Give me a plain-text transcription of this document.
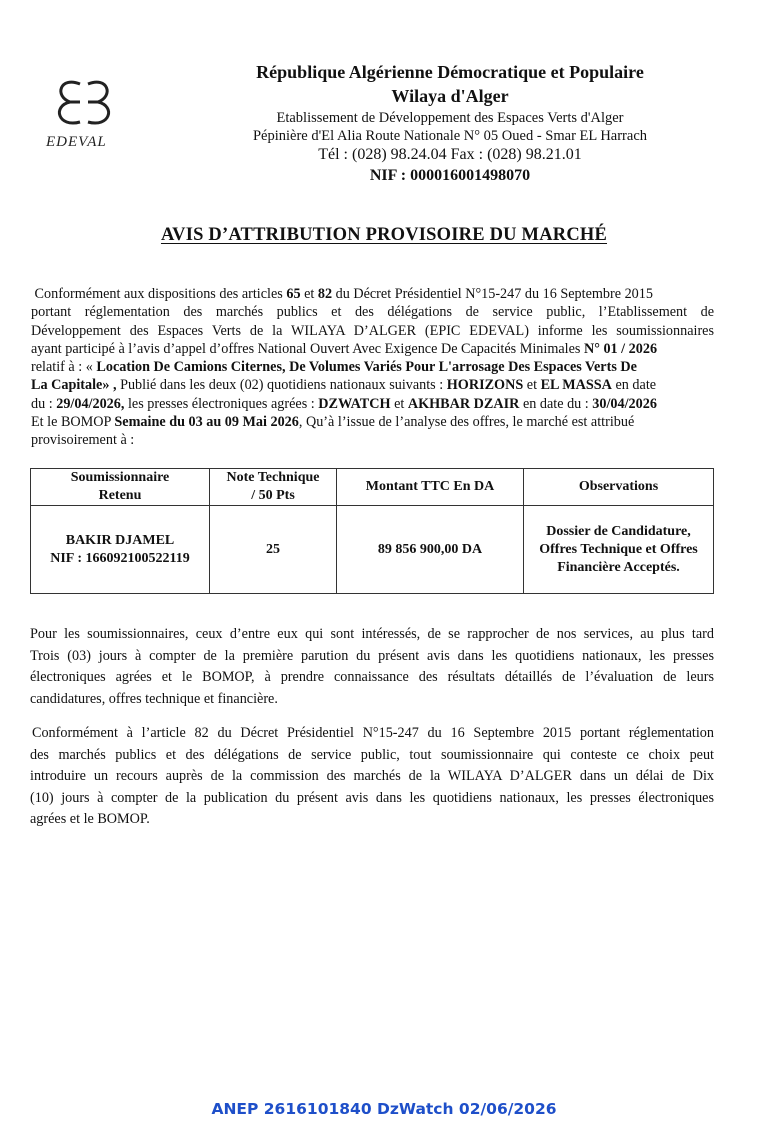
EDEVAL
République Algérienne Démocratique et Populaire
Wilaya d'Alger
Etablissement de Développement des Espaces Verts d'Alger
Pépinière d'El Alia Route Nationale N° 05 Oued - Smar EL Harrach
Tél : (028) 98.24.04 Fax : (028) 98.21.01
NIF : 000016001498070
AVIS D’ATTRIBUTION PROVISOIRE DU MARCHÉ
Conformément aux dispositions des articles 65 et 82 du Décret Présidentiel N°15-247 du 16 Septembre 2015
portant réglementation des marchés publics et des délégations de service public, l’Etablissement de
Développement des Espaces Verts de la WILAYA D’ALGER (EPIC EDEVAL) informe les soumissionnaires
ayant participé à l’avis d’appel d’offres National Ouvert Avec Exigence De Capacités Minimales N° 01 / 2026
relatif à : « Location De Camions Citernes, De Volumes Variés Pour L'arrosage Des Espaces Verts De
La Capitale» , Publié dans les deux (02) quotidiens nationaux suivants : HORIZONS et EL MASSA en date
du : 29/04/2026, les presses électroniques agrées : DZWATCH et AKHBAR DZAIR en date du : 30/04/2026
Et le BOMOP Semaine du 03 au 09 Mai 2026, Qu’à l’issue de l’analyse des offres, le marché est attribué
provisoirement à :
Soumissionnaire
Retenu	Note Technique
/ 50 Pts	Montant TTC En DA	Observations
BAKIR DJAMEL
NIF : 166092100522119	25	89 856 900,00 DA	Dossier de Candidature,
Offres Technique et Offres
Financière Acceptés.
Pour les soumissionnaires, ceux d’entre eux qui sont intéressés, de se rapprocher de nos services, au plus tard
Trois (03) jours à compter de la première parution du présent avis dans les quotidiens nationaux, les presses
électroniques agrées et le BOMOP, à prendre connaissance des résultats détaillés de l’évaluation de leurs
candidatures, offres technique et financière.
Conformément à l’article 82 du Décret Présidentiel N°15-247 du 16 Septembre 2015 portant réglementation
des marchés publics et des délégations de service public, tout soumissionnaire qui conteste ce choix peut
introduire un recours auprès de la commission des marchés de la WILAYA D’ALGER dans un délai de Dix
(10) jours à compter de la publication du présent avis dans les quotidiens nationaux, les presses électroniques
agrées et le BOMOP.
ANEP 2616101840 DzWatch 02/06/2026
